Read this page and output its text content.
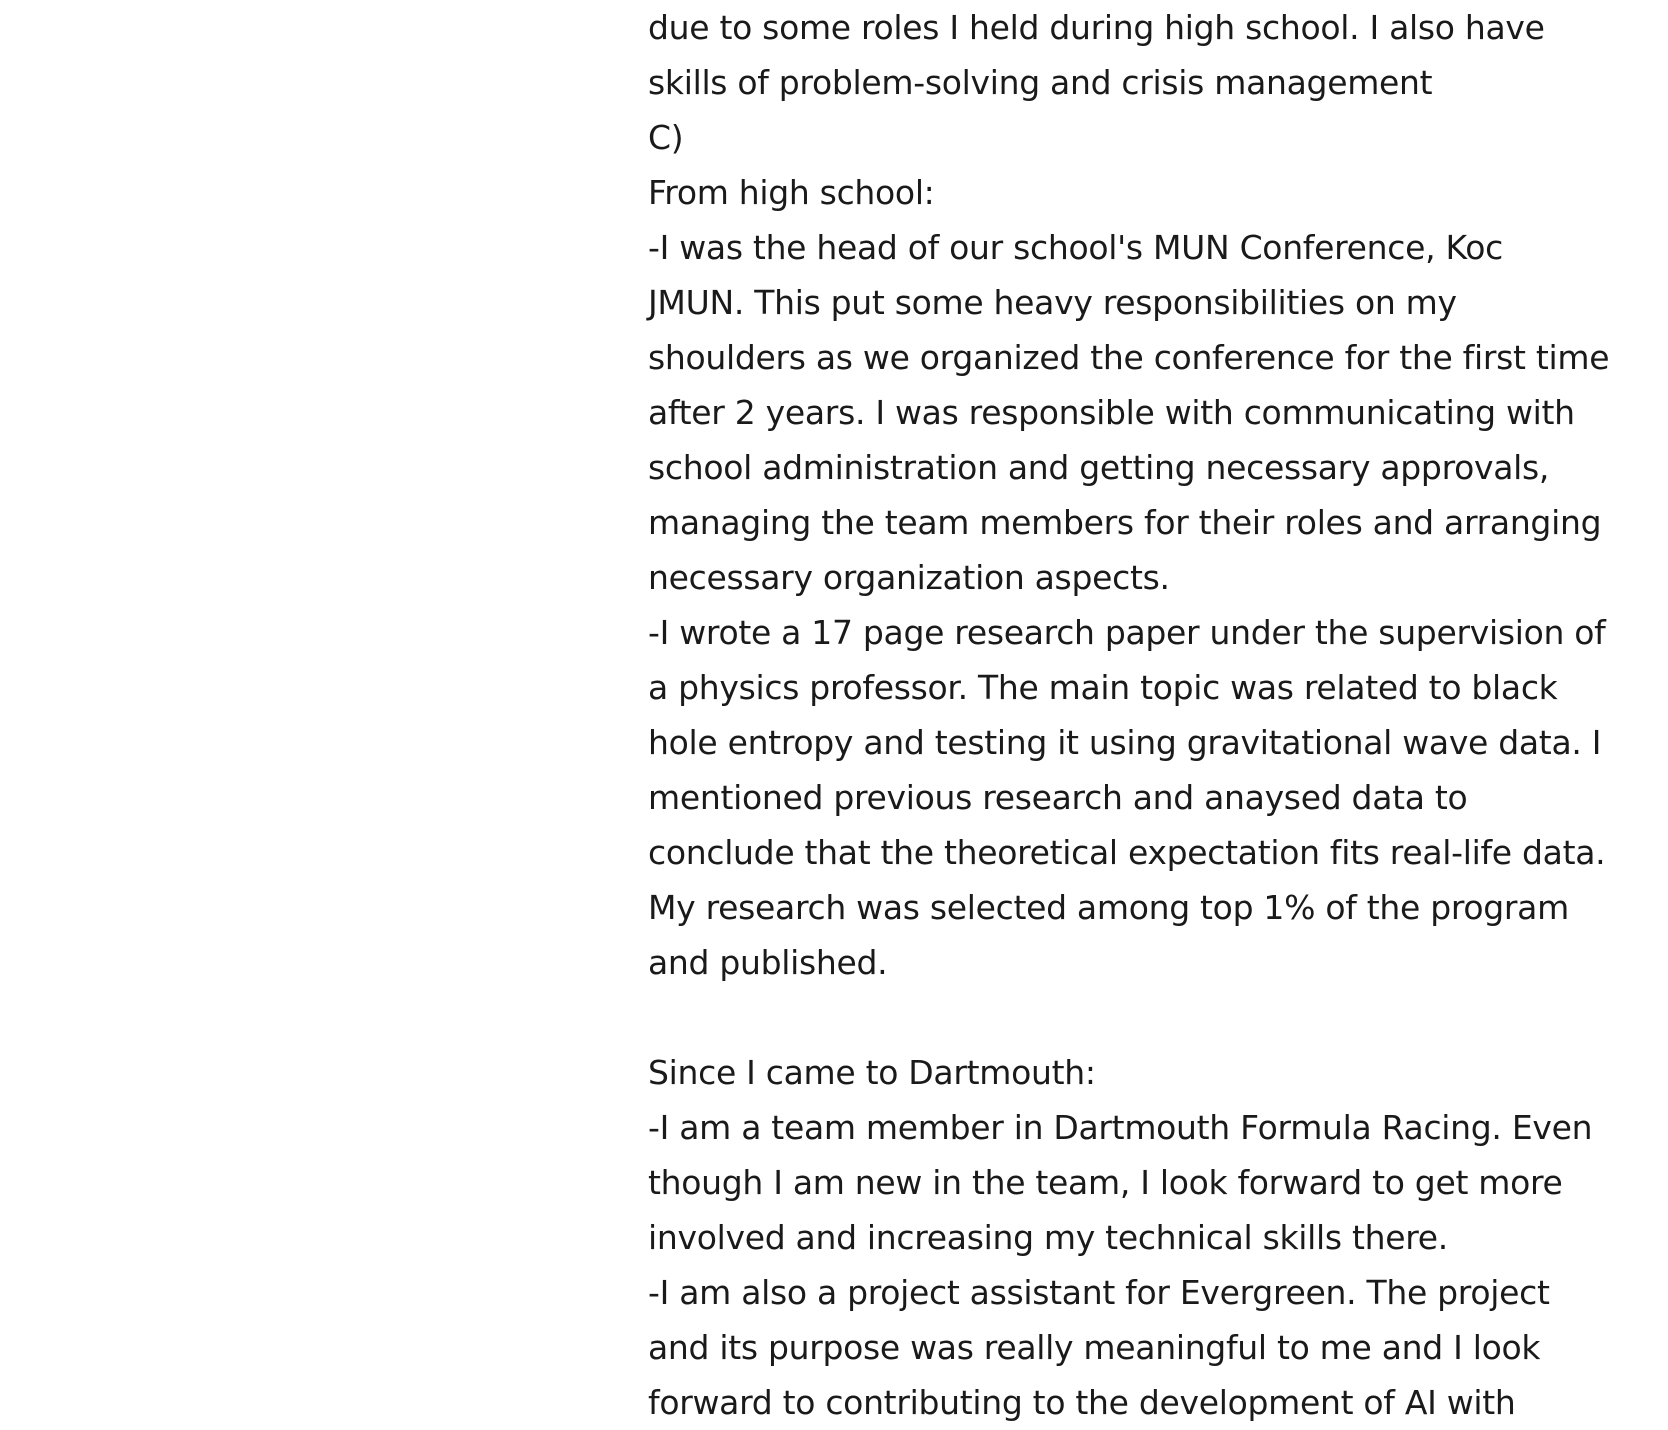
due to some roles I held during high school. I also have
skills of problem-solving and crisis management
C)
From high school:
-I was the head of our school's MUN Conference, Koc
JMUN. This put some heavy responsibilities on my
shoulders as we organized the conference for the first time
after 2 years. I was responsible with communicating with
school administration and getting necessary approvals,
managing the team members for their roles and arranging
necessary organization aspects.
-I wrote a 17 page research paper under the supervision of
a physics professor. The main topic was related to black
hole entropy and testing it using gravitational wave data. I
mentioned previous research and anaysed data to
conclude that the theoretical expectation fits real-life data.
My research was selected among top 1% of the program
and published.
Since I came to Dartmouth:
-I am a team member in Dartmouth Formula Racing. Even
though I am new in the team, I look forward to get more
involved and increasing my technical skills there.
-I am also a project assistant for Evergreen. The project
and its purpose was really meaningful to me and I look
forward to contributing to the development of AI with
